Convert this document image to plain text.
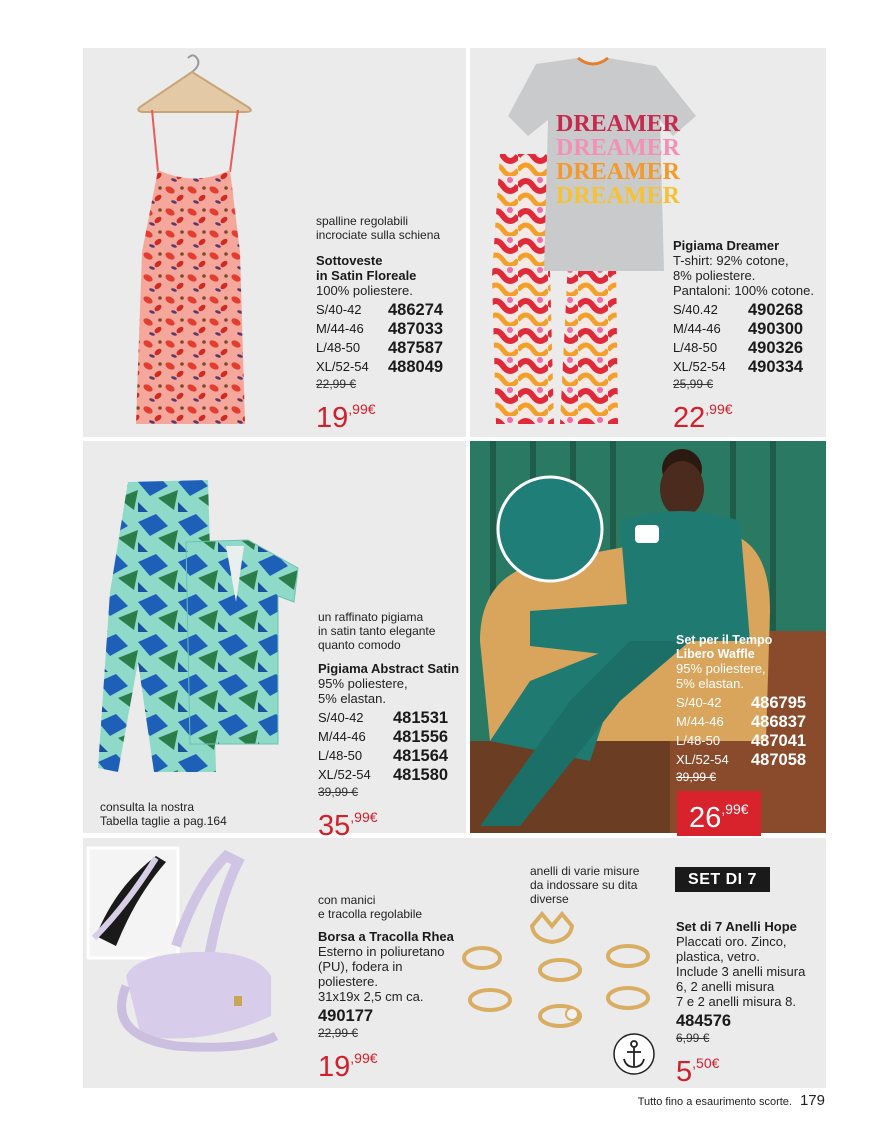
DREAMER
DREAMER
DREAMER
DREAMER
spalline regolabili
incrociate sulla schiena
Sottoveste
in Satin Floreale
100% poliestere.
S/40-42	486274
M/44-46	487033
L/48-50	487587
XL/52-54	488049
22,99 €
$19^{,99€}$
Pigiama Dreamer
T-shirt: 92% cotone,
8% poliestere.
Pantaloni: 100% cotone.
S/40.42	490268
M/44-46	490300
L/48-50	490326
XL/52-54	490334
25,99 €
$22^{,99€}$
un raffinato pigiama
in satin tanto elegante
quanto comodo
Pigiama Abstract Satin
95% poliestere,
5% elastan.
S/40-42	481531
M/44-46	481556
L/48-50	481564
XL/52-54	481580
39,99 €
$35^{,99€}$
consulta la nostra
Tabella taglie a pag.164
Set per il Tempo
Libero Waffle
95% poliestere,
5% elastan.
S/40-42	486795
M/44-46	486837
L/48-50	487041
XL/52-54	487058
39,99 €
$26^{,99€}$
con manici
e tracolla regolabile
Borsa a Tracolla Rhea
Esterno in poliuretano
(PU), fodera in
poliestere.
31x19x 2,5 cm ca.
490177
22,99 €
$19^{,99€}$
anelli di varie misure
da indossare su dita
diverse
SET DI 7
Set di 7 Anelli Hope
Placcati oro. Zinco,
plastica, vetro.
Include 3 anelli misura
6, 2 anelli misura
7 e 2 anelli misura 8.
484576
6,99 €
$5^{,50€}$
Tutto fino a esaurimento scorte. 179
